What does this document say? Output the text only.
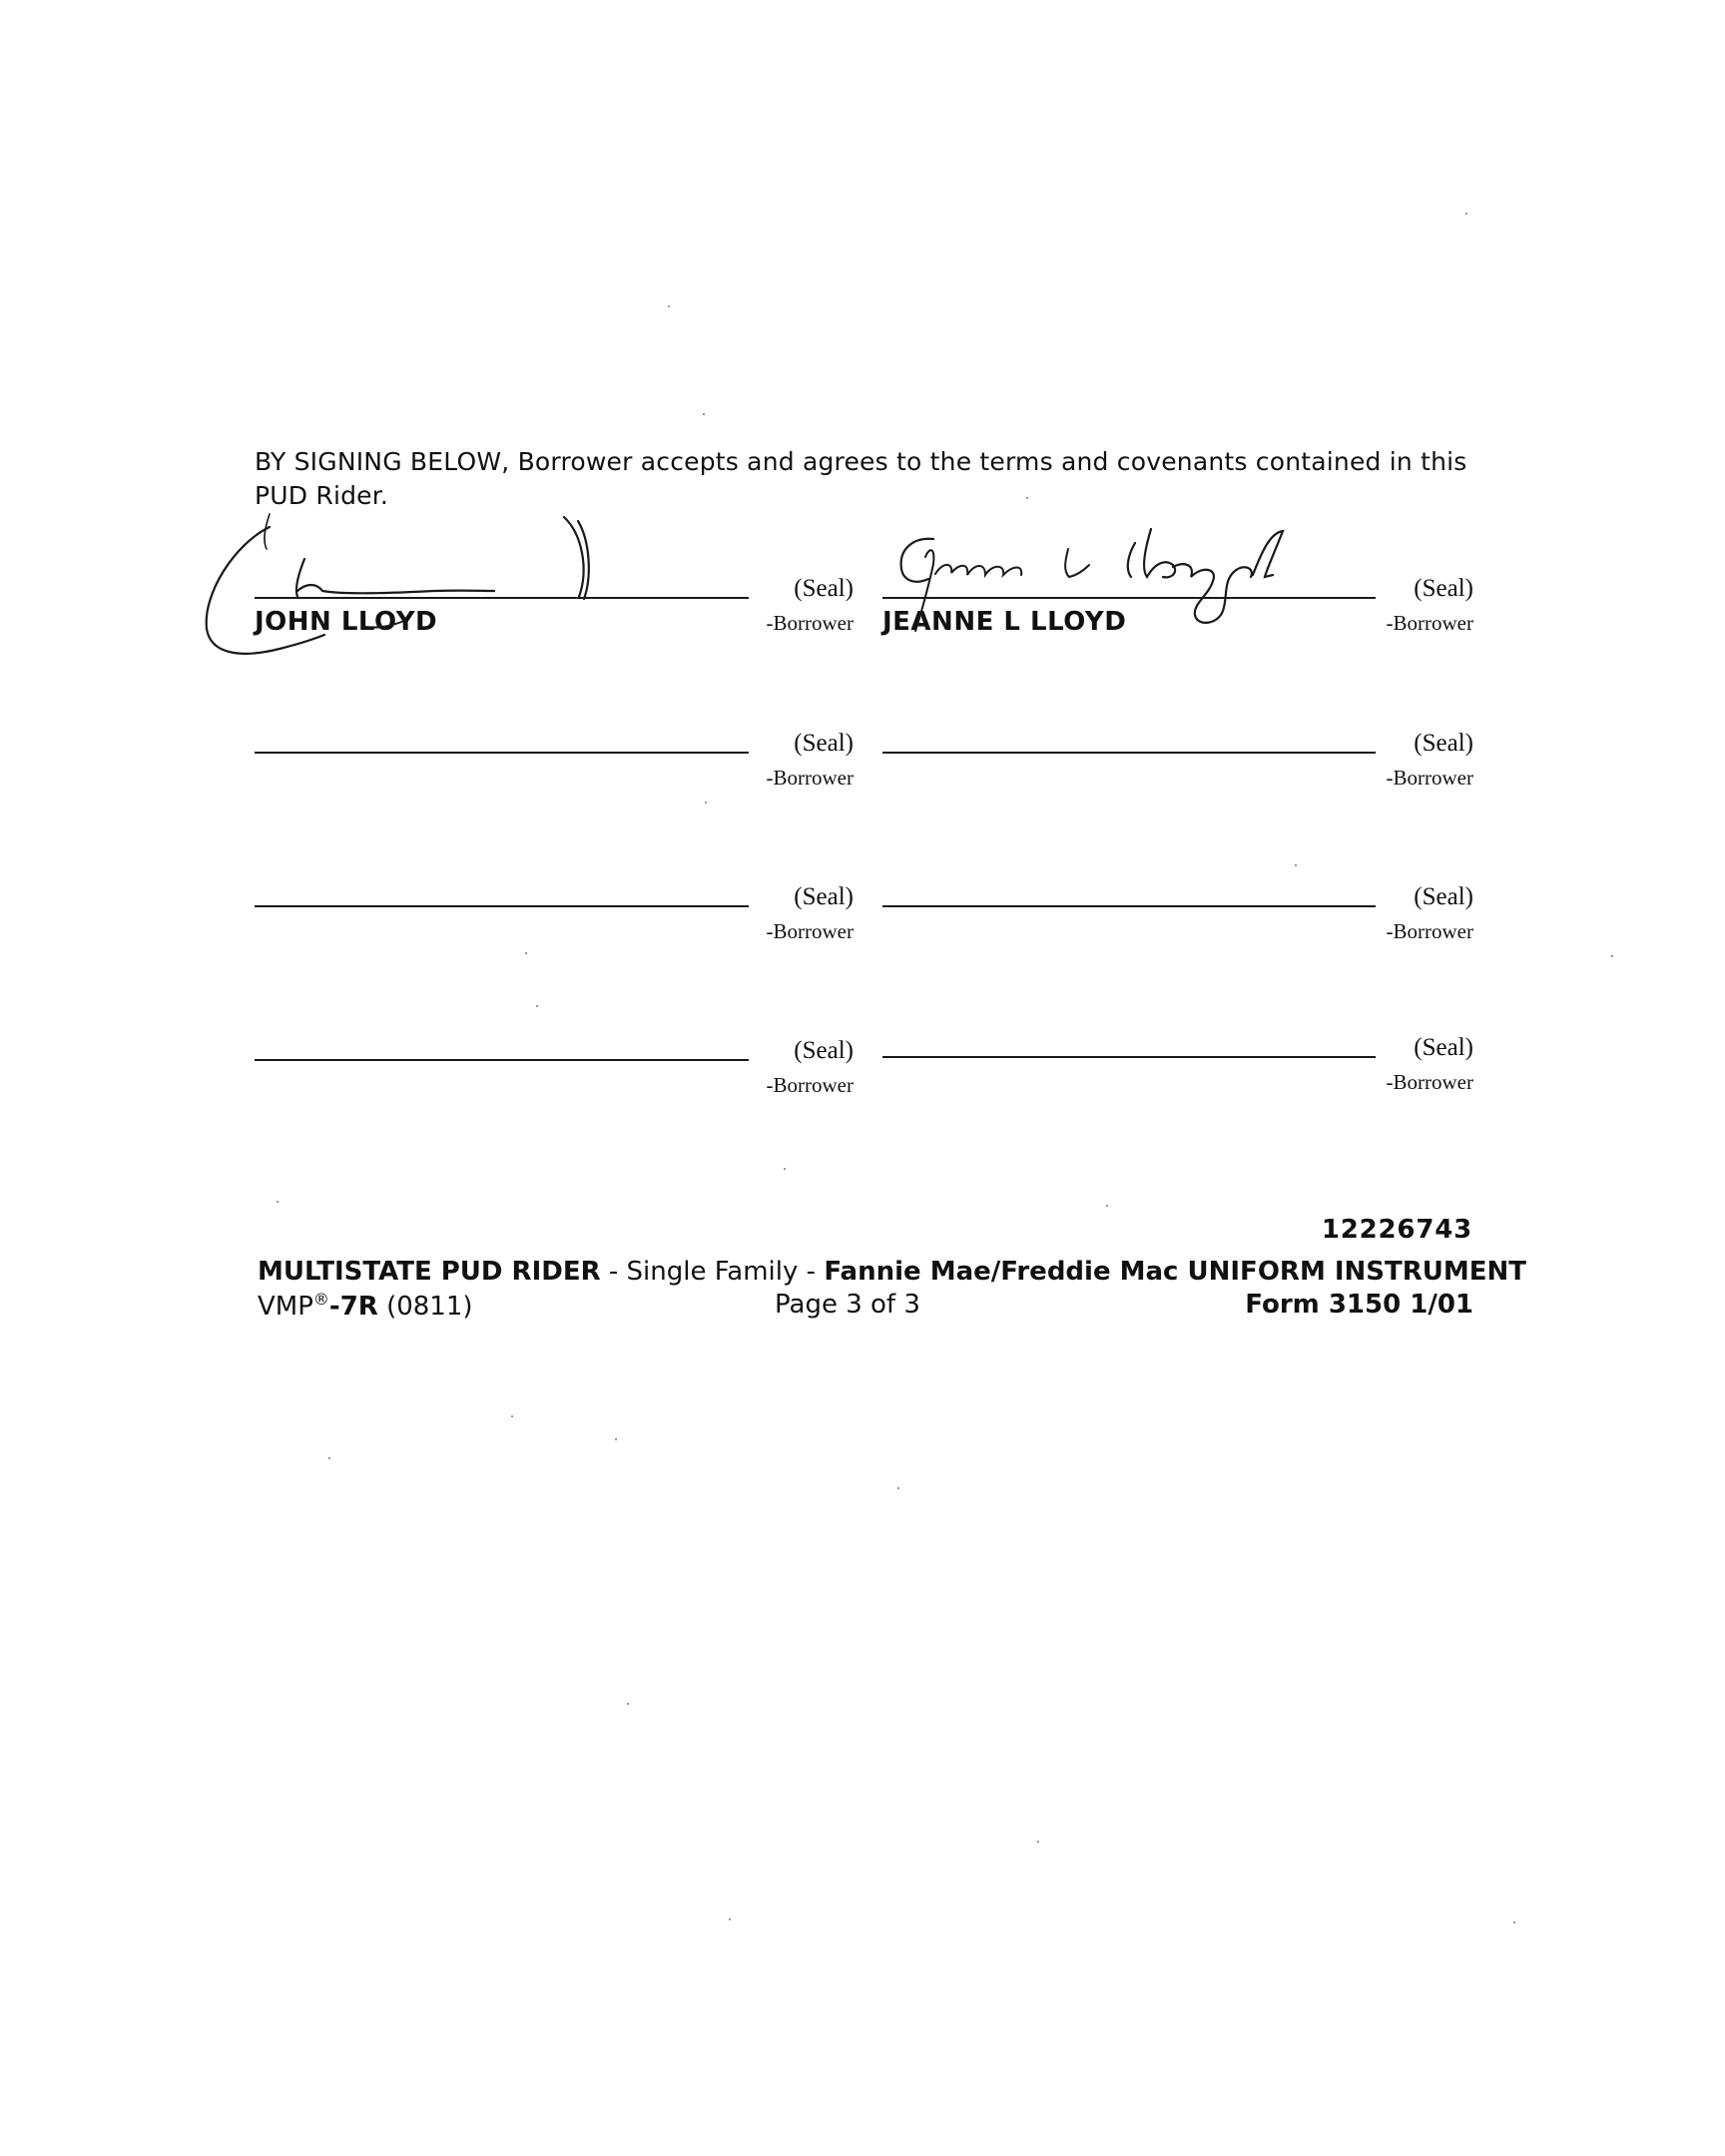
BY SIGNING BELOW, Borrower accepts and agrees to the terms and covenants contained in this PUD Rider.
(Seal)
-Borrower
JOHN LLOYD
(Seal)
-Borrower
JEANNE L LLOYD
(Seal)
-Borrower
(Seal)
-Borrower
(Seal)
-Borrower
(Seal)
-Borrower
(Seal)
-Borrower
(Seal)
-Borrower
12226743
MULTISTATE PUD RIDER - Single Family - Fannie Mae/Freddie Mac UNIFORM INSTRUMENT
VMP®-7R (0811)	Page 3 of 3	Form 3150 1/01
